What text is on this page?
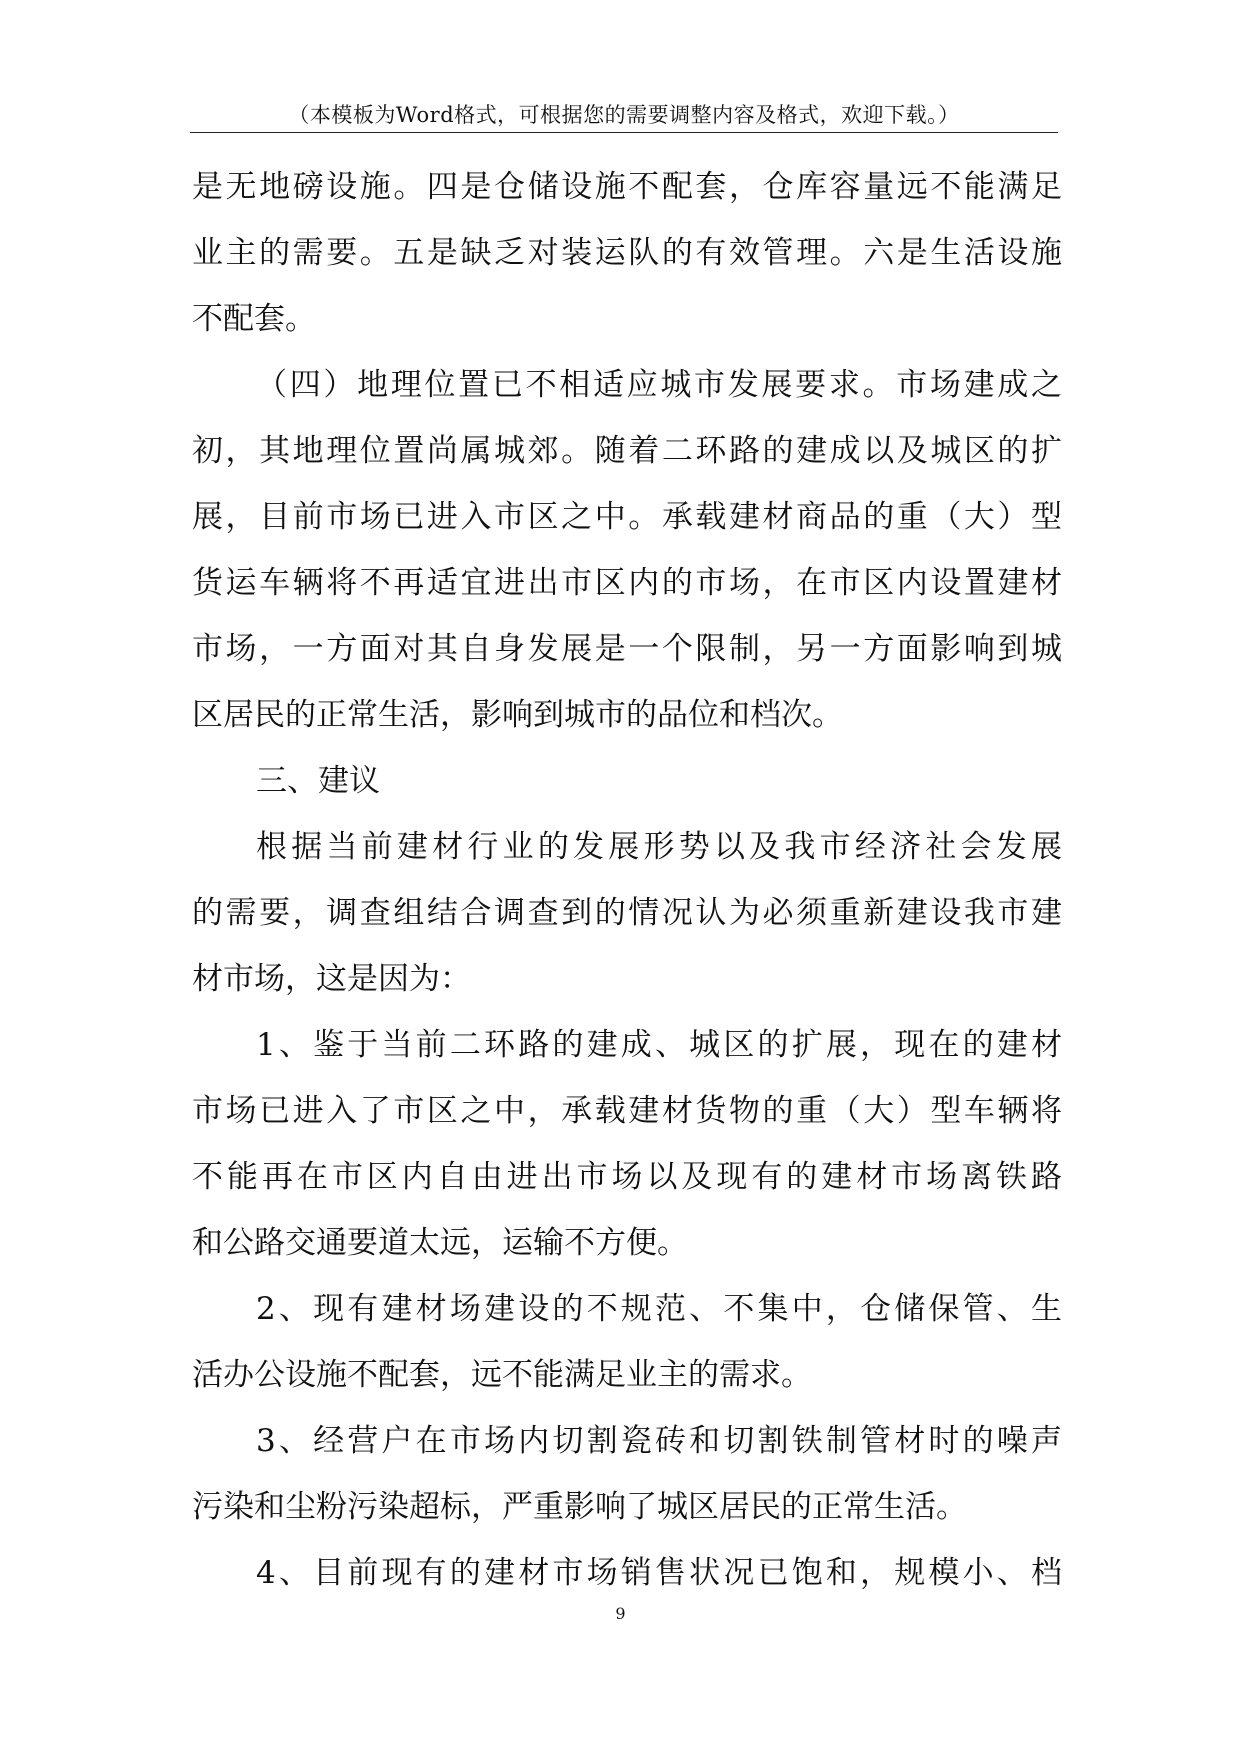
（本模板为Word格式，可根据您的需要调整内容及格式，欢迎下载。）
是无地磅设施。四是仓储设施不配套，仓库容量远不能满足
业主的需要。五是缺乏对装运队的有效管理。六是生活设施
不配套。
（四）地理位置已不相适应城市发展要求。市场建成之
初，其地理位置尚属城郊。随着二环路的建成以及城区的扩
展，目前市场已进入市区之中。承载建材商品的重（大）型
货运车辆将不再适宜进出市区内的市场，在市区内设置建材
市场，一方面对其自身发展是一个限制，另一方面影响到城
区居民的正常生活，影响到城市的品位和档次。
三、建议
根据当前建材行业的发展形势以及我市经济社会发展
的需要，调查组结合调查到的情况认为必须重新建设我市建
材市场，这是因为：
1、鉴于当前二环路的建成、城区的扩展，现在的建材
市场已进入了市区之中，承载建材货物的重（大）型车辆将
不能再在市区内自由进出市场以及现有的建材市场离铁路
和公路交通要道太远，运输不方便。
2、现有建材场建设的不规范、不集中，仓储保管、生
活办公设施不配套，远不能满足业主的需求。
3、经营户在市场内切割瓷砖和切割铁制管材时的噪声
污染和尘粉污染超标，严重影响了城区居民的正常生活。
4、目前现有的建材市场销售状况已饱和，规模小、档
9
